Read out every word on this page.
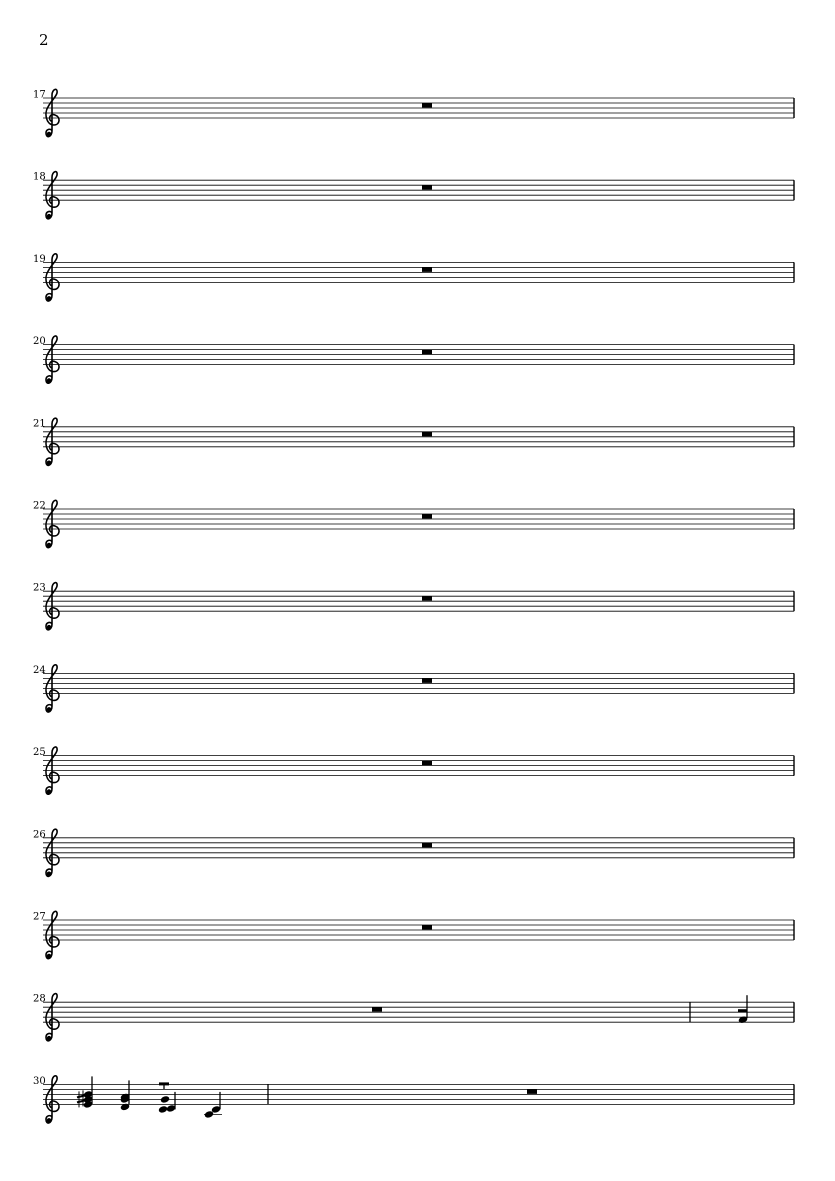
2
17
18
19
20
21
22
23
24
25
26
27
28
30
